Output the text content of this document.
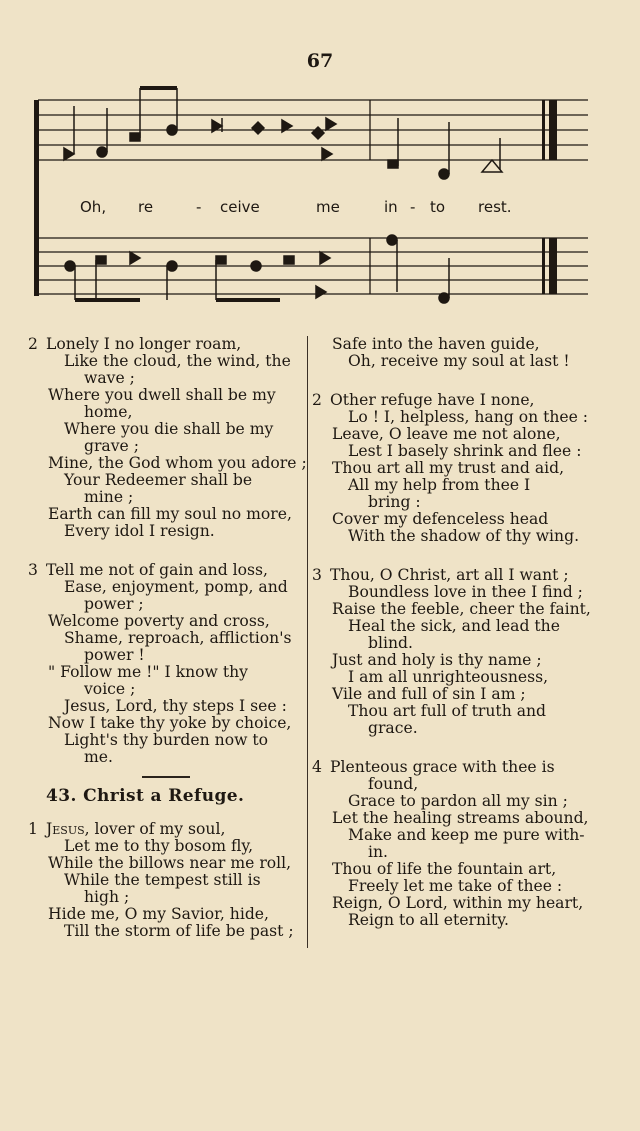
67
Oh, re	- ceive	me	in - to rest.
2 Lonely I no longer roam,
Like the cloud, the wind, the
wave ;
Where you dwell shall be my
home,
Where you die shall be my
grave ;
Mine, the God whom you adore ;
Your Redeemer shall be
mine ;
Earth can fill my soul no more,
Every idol I resign.
3 Tell me not of gain and loss,
Ease, enjoyment, pomp, and
power ;
Welcome poverty and cross,
Shame, reproach, affliction's
power !
" Follow me !" I know thy
voice ;
Jesus, Lord, thy steps I see :
Now I take thy yoke by choice,
Light's thy burden now to
me.
43. Christ a Refuge.
1 Jesus, lover of my soul,
Let me to thy bosom fly,
While the billows near me roll,
While the tempest still is
high ;
Hide me, O my Savior, hide,
Till the storm of life be past ;
Safe into the haven guide,
Oh, receive my soul at last !
2 Other refuge have I none,
Lo ! I, helpless, hang on thee :
Leave, O leave me not alone,
Lest I basely shrink and flee :
Thou art all my trust and aid,
All my help from thee I
bring :
Cover my defenceless head
With the shadow of thy wing.
3 Thou, O Christ, art all I want ;
Boundless love in thee I find ;
Raise the feeble, cheer the faint,
Heal the sick, and lead the
blind.
Just and holy is thy name ;
I am all unrighteousness,
Vile and full of sin I am ;
Thou art full of truth and
grace.
4 Plenteous grace with thee is
found,
Grace to pardon all my sin ;
Let the healing streams abound,
Make and keep me pure with-
in.
Thou of life the fountain art,
Freely let me take of thee :
Reign, O Lord, within my heart,
Reign to all eternity.
